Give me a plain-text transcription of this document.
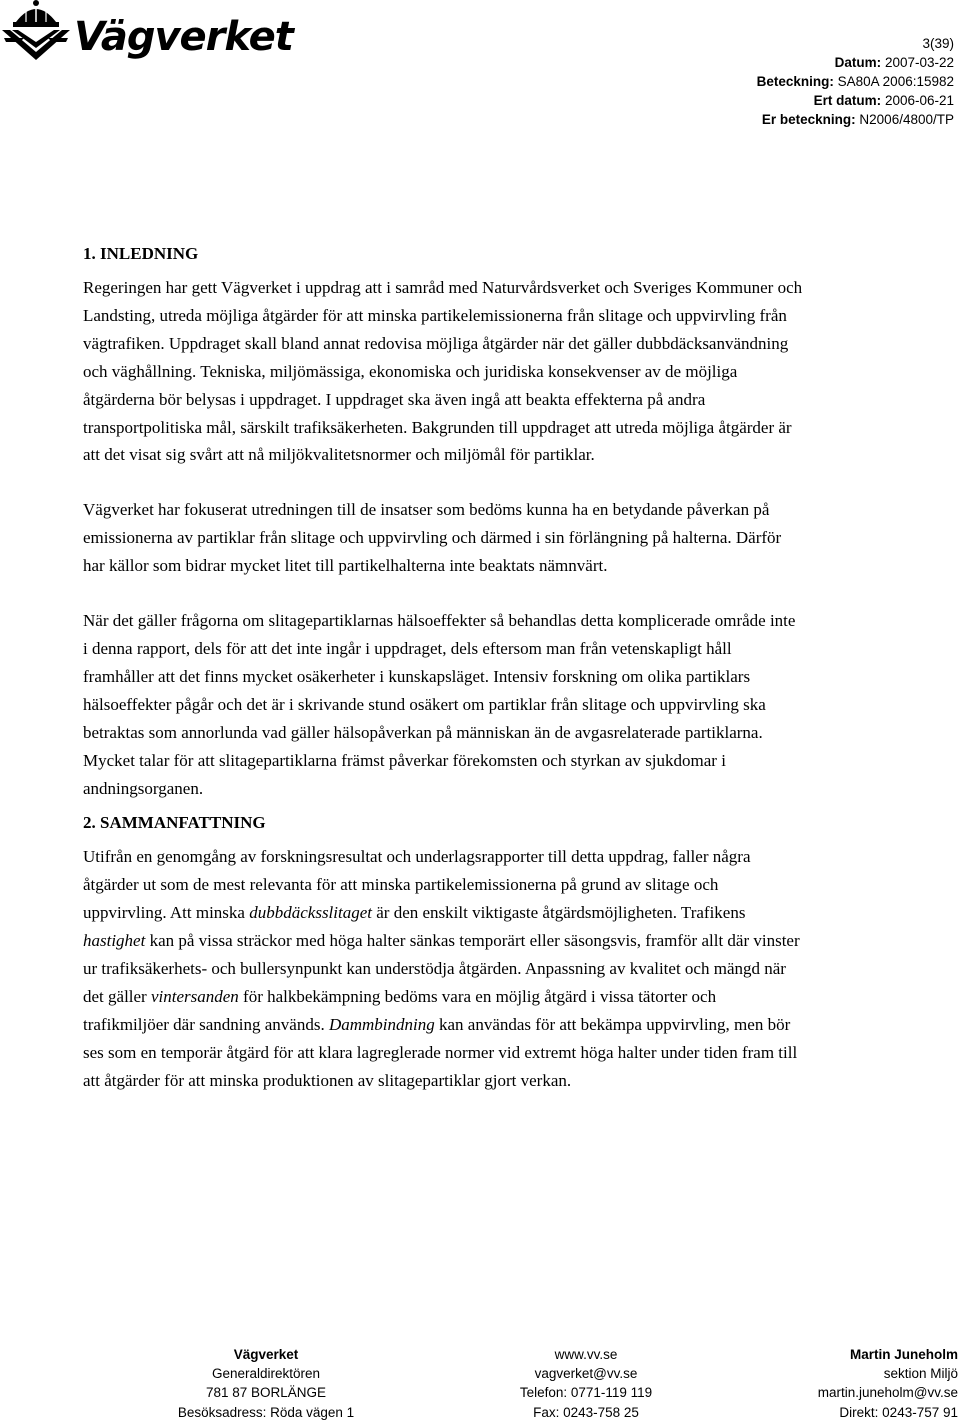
Vägverket	3(39)
Datum: 2007-03-22
Beteckning: SA80A 2006:15982
Ert datum: 2006-06-21
Er beteckning: N2006/4800/TP
1. INLEDNING

Regeringen har gett Vägverket i uppdrag att i samråd med Naturvårdsverket och Sveriges Kommuner och Landsting, utreda möjliga åtgärder för att minska partikelemissionerna från slitage och uppvirvling från vägtrafiken. Uppdraget skall bland annat redovisa möjliga åtgärder när det gäller dubbdäcksanvändning och väghållning. Tekniska, miljömässiga, ekonomiska och juridiska konsekvenser av de möjliga åtgärderna bör belysas i uppdraget. I uppdraget ska även ingå att beakta effekterna på andra transportpolitiska mål, särskilt trafiksäkerheten. Bakgrunden till uppdraget att utreda möjliga åtgärder är att det visat sig svårt att nå miljökvalitetsnormer och miljömål för partiklar.

Vägverket har fokuserat utredningen till de insatser som bedöms kunna ha en betydande påverkan på emissionerna av partiklar från slitage och uppvirvling och därmed i sin förlängning på halterna. Därför har källor som bidrar mycket litet till partikelhalterna inte beaktats nämnvärt.

När det gäller frågorna om slitagepartiklarnas hälsoeffekter så behandlas detta komplicerade område inte i denna rapport, dels för att det inte ingår i uppdraget, dels eftersom man från vetenskapligt håll framhåller att det finns mycket osäkerheter i kunskapsläget. Intensiv forskning om olika partiklars hälsoeffekter pågår och det är i skrivande stund osäkert om partiklar från slitage och uppvirvling ska betraktas som annorlunda vad gäller hälsopåverkan på människan än de avgasrelaterade partiklarna. Mycket talar för att slitagepartiklarna främst påverkar förekomsten och styrkan av sjukdomar i andningsorganen.

2. SAMMANFATTNING

Utifrån en genomgång av forskningsresultat och underlagsrapporter till detta uppdrag, faller några åtgärder ut som de mest relevanta för att minska partikelemissionerna på grund av slitage och uppvirvling. Att minska dubbdäcksslitaget är den enskilt viktigaste åtgärdsmöjligheten. Trafikens hastighet kan på vissa sträckor med höga halter sänkas temporärt eller säsongsvis, framför allt där vinster ur trafiksäkerhets- och bullersynpunkt kan understödja åtgärden. Anpassning av kvalitet och mängd när det gäller vintersanden för halkbekämpning bedöms vara en möjlig åtgärd i vissa tätorter och trafikmiljöer där sandning används. Dammbindning kan användas för att bekämpa uppvirvling, men bör ses som en temporär åtgärd för att klara lagreglerade normer vid extremt höga halter under tiden fram till att åtgärder för att minska produktionen av slitagepartiklar gjort verkan.

Vägverket
Generaldirektören
781 87 BORLÄNGE
Besöksadress: Röda vägen 1
www.vv.se
vagverket@vv.se
Telefon: 0771-119 119
Fax: 0243-758 25
Martin Juneholm
sektion Miljö
martin.juneholm@vv.se
Direkt: 0243-757 91
